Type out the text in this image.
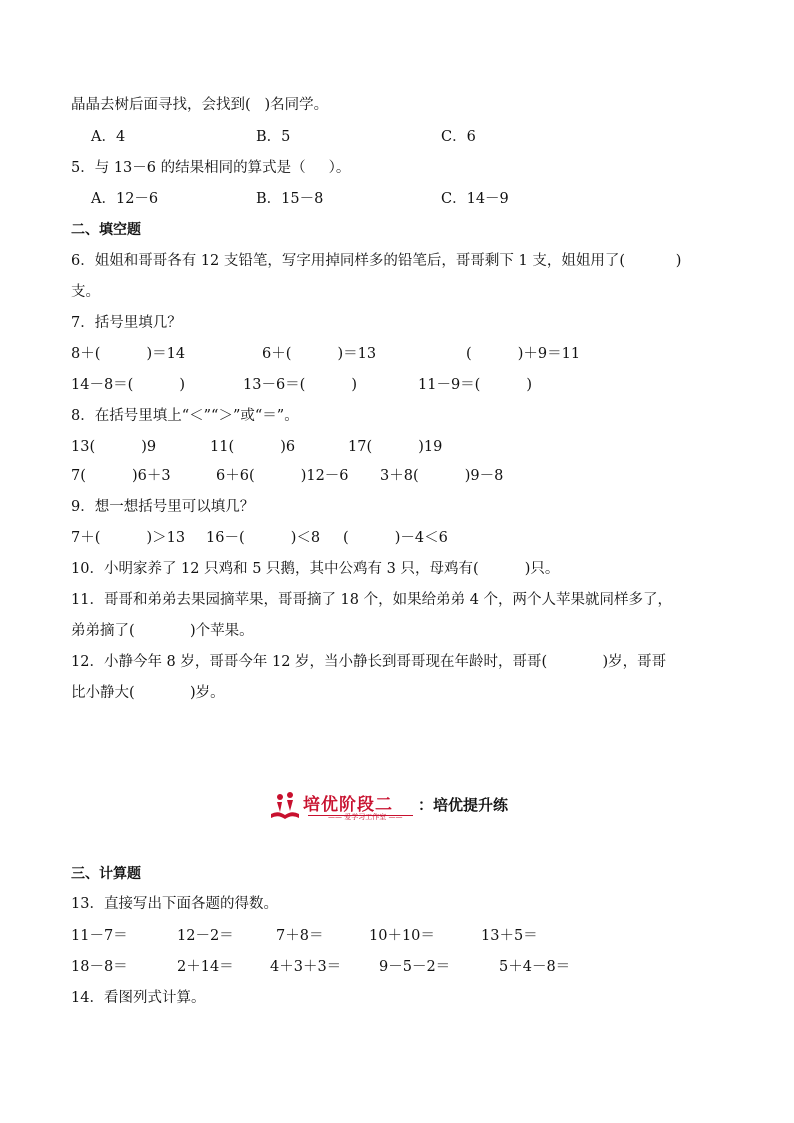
晶晶去树后面寻找，会找到(   )名同学。
A．4	B．5	C．6
5．与 13－6 的结果相同的算式是（     ）。
A．12－6	B．15－8	C．14－9
二、填空题
6．姐姐和哥哥各有 12 支铅笔，写字用掉同样多的铅笔后，哥哥剩下 1 支，姐姐用了(           )
支。
7．括号里填几？
8＋(          )＝14	6＋(          )＝13	(          )＋9＝11
14－8＝(          )	13－6＝(          )	11－9＝(          )
8．在括号里填上“＜”“＞”或“＝”。
13(          )9	11(          )6	17(          )19
7(          )6＋3	6＋6(          )12－6 3＋8(          )9－8
9．想一想括号里可以填几？
7＋(          )＞13 16－(          )＜8 (          )－4＜6
10．小明家养了 12 只鸡和 5 只鹅，其中公鸡有 3 只，母鸡有(          )只。
11．哥哥和弟弟去果园摘苹果，哥哥摘了 18 个，如果给弟弟 4 个，两个人苹果就同样多了，
弟弟摘了(            )个苹果。
12．小静今年 8 岁，哥哥今年 12 岁，当小静长到哥哥现在年龄时，哥哥(            )岁，哥哥
比小静大(            )岁。
培优阶段二
—— 爱学习工作室 ——
：培优提升练
三、计算题
13．直接写出下面各题的得数。
11－7＝	12－2＝	7＋8＝	10＋10＝	13＋5＝
18－8＝	2＋14＝	4＋3＋3＝	9－5－2＝	5＋4－8＝
14．看图列式计算。
